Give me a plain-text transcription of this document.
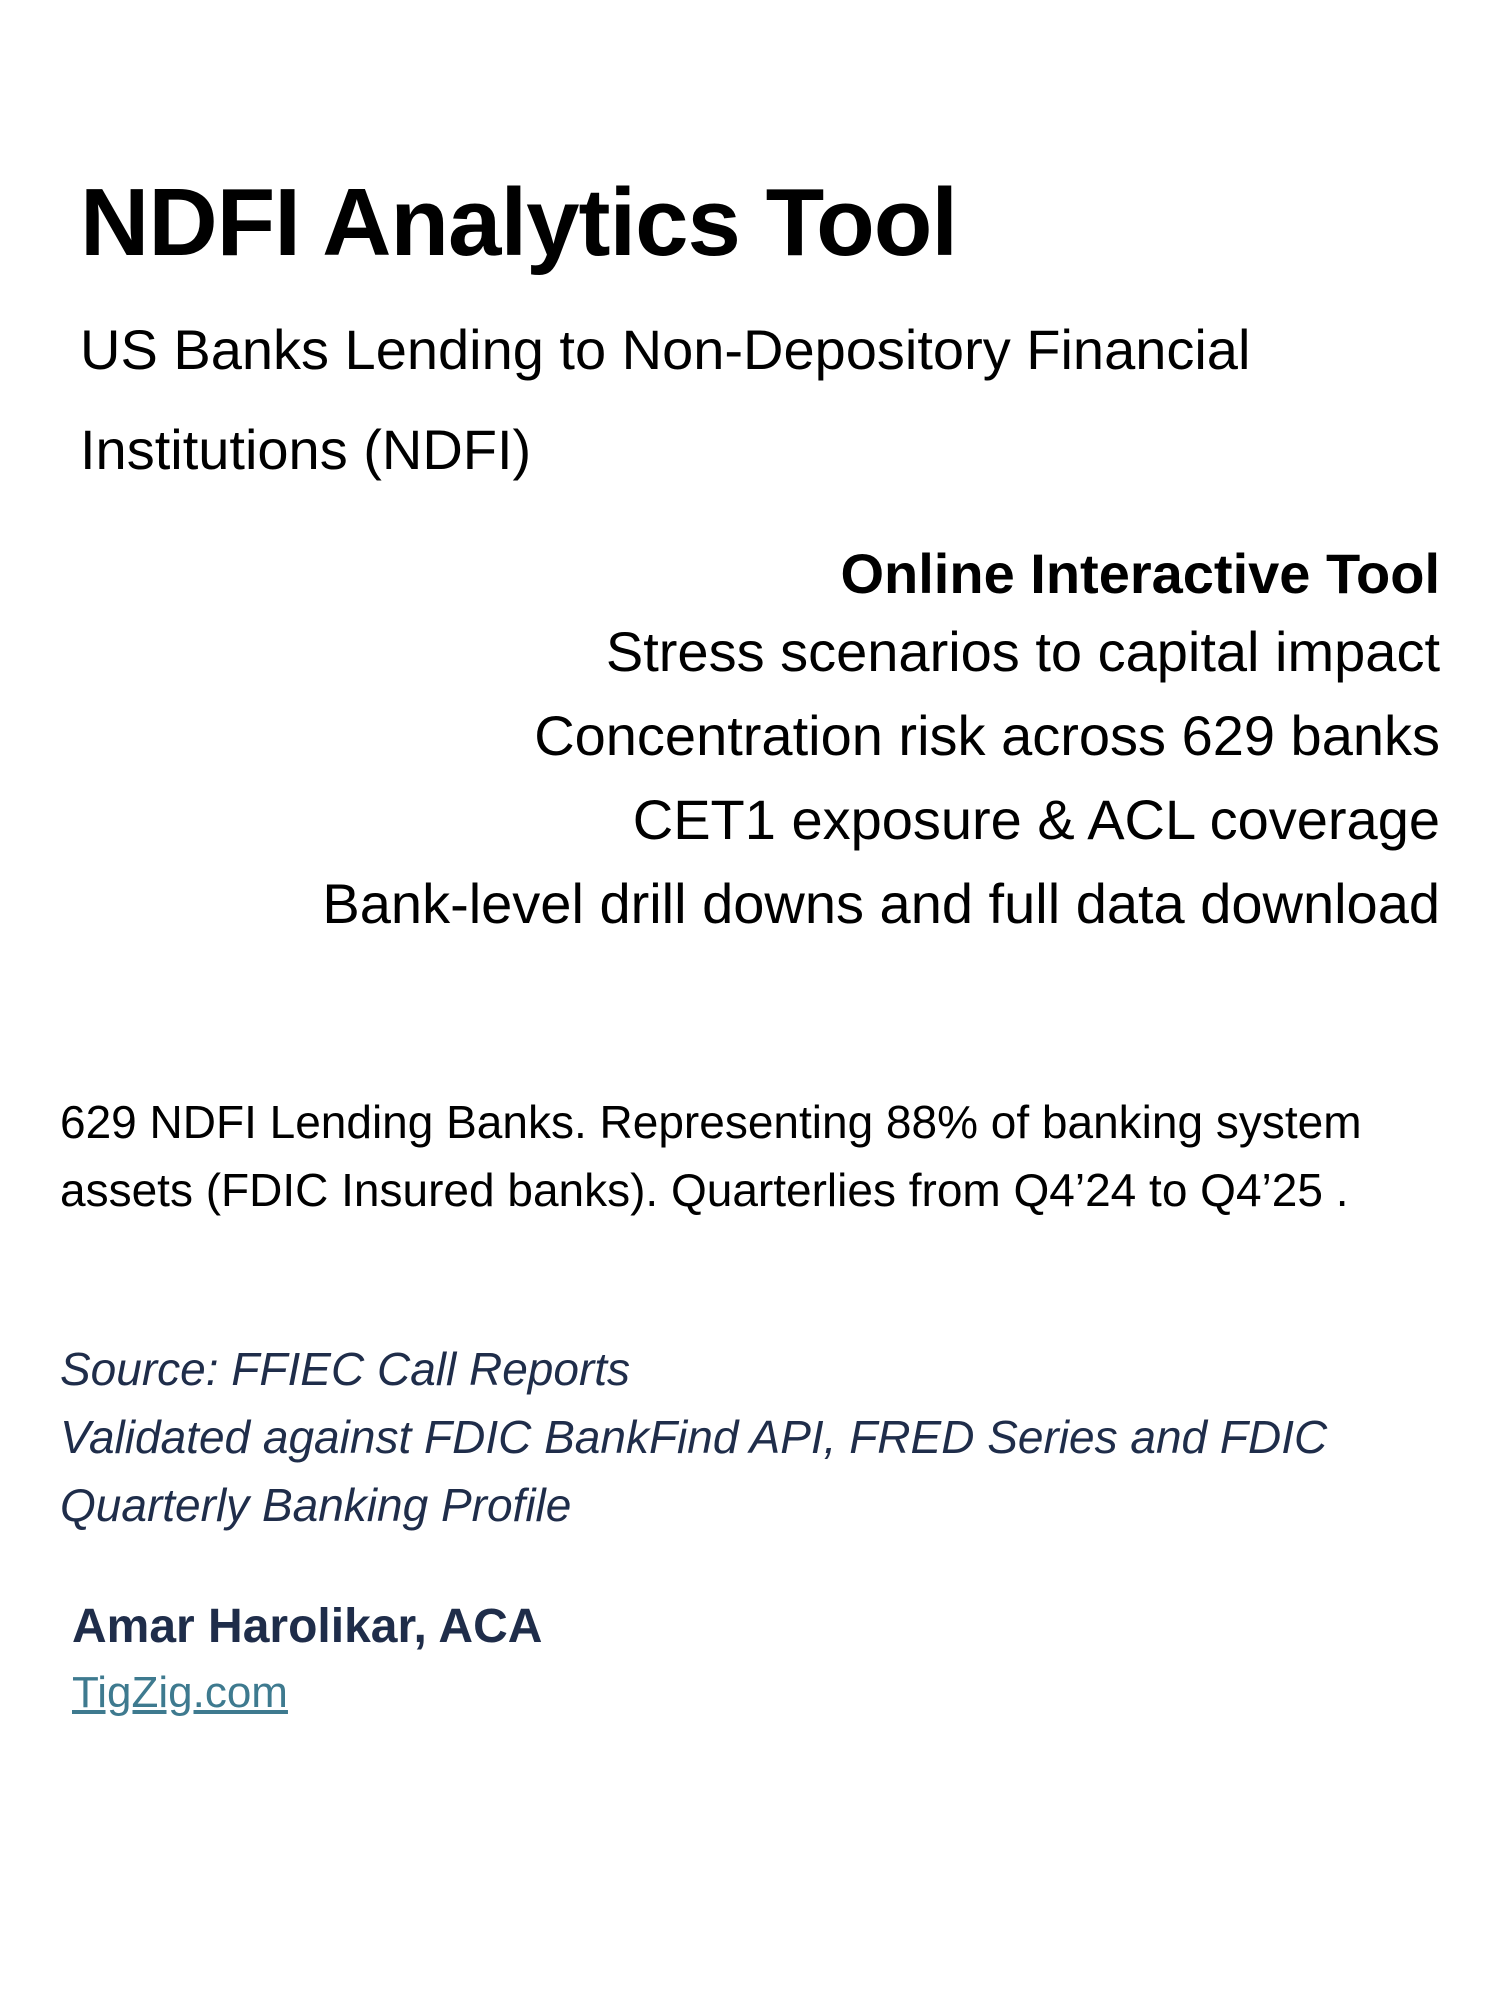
NDFI Analytics Tool
US Banks Lending to Non-Depository Financial Institutions (NDFI)
Online Interactive Tool
Stress scenarios to capital impact
Concentration risk across 629 banks
CET1 exposure & ACL coverage
Bank-level drill downs and full data download
629 NDFI Lending Banks. Representing 88% of banking system assets (FDIC Insured banks). Quarterlies from Q4’24 to Q4’25 .
Source: FFIEC Call Reports
Validated against FDIC BankFind API, FRED Series and FDIC Quarterly Banking Profile
Amar Harolikar, ACA
TigZig.com
